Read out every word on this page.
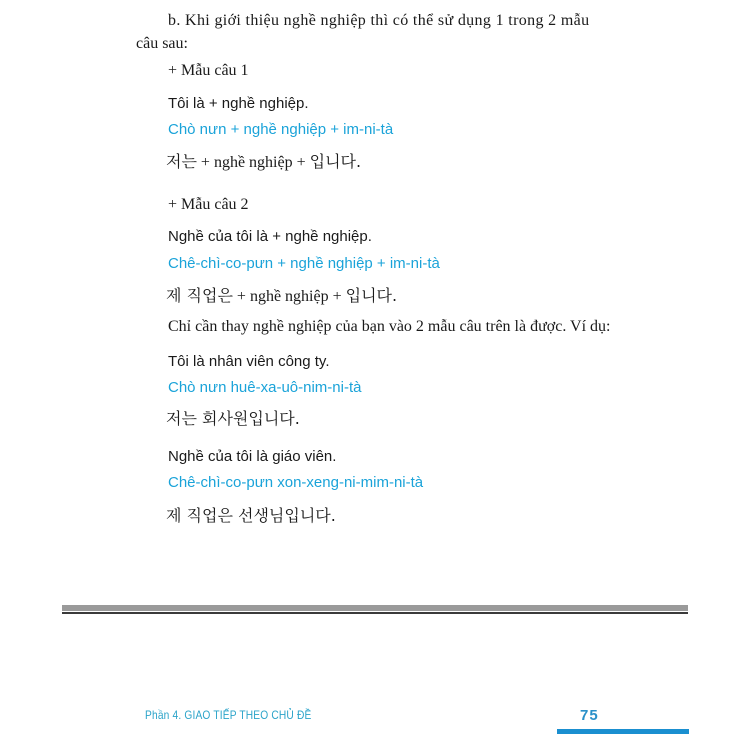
b. Khi giới thiệu nghề nghiệp thì có thể sử dụng 1 trong 2 mẫu

câu sau:

+ Mẫu câu 1

Tôi là + nghề nghiệp.

Chò nưn + nghề nghiệp + im-ni-tà

저는 + nghề nghiệp + 입니다.

+ Mẫu câu 2

Nghề của tôi là + nghề nghiệp.

Chê-chì-co-pưn + nghề nghiệp + im-ni-tà

제 직업은 + nghề nghiệp + 입니다.

Chỉ cần thay nghề nghiệp của bạn vào 2 mẫu câu trên là được. Ví dụ:

Tôi là nhân viên công ty.

Chò nưn huê-xa-uô-nim-ni-tà

저는 회사원입니다.

Nghề của tôi là giáo viên.

Chê-chì-co-pưn xon-xeng-ni-mim-ni-tà

제 직업은 선생님입니다.

Phần 4. GIAO TIẾP THEO CHỦ ĐỀ	75
